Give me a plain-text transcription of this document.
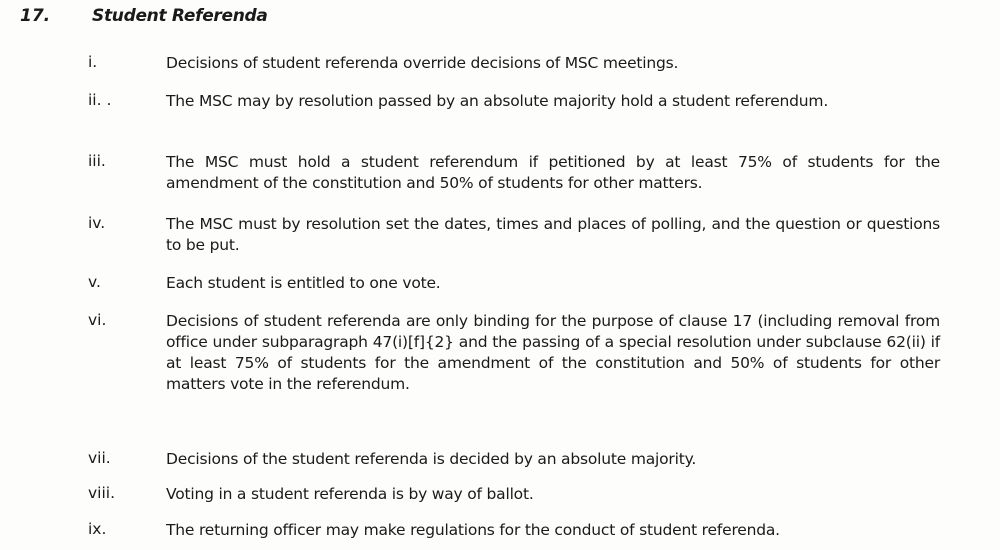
17. Student Referenda
i.	Decisions of student referenda override decisions of MSC meetings.
ii. .	The MSC may by resolution passed by an absolute majority hold a student referendum.
iii.	The MSC must hold a student referendum if petitioned by at least 75% of students for the amendment of the constitution and 50% of students for other matters.
iv.	The MSC must by resolution set the dates, times and places of polling, and the question or questions to be put.
v.	Each student is entitled to one vote.
vi.	Decisions of student referenda are only binding for the purpose of clause 17 (including removal from office under subparagraph 47(i)[f]{2} and the passing of a special resolution under subclause 62(ii) if at least 75% of students for the amendment of the constitution and 50% of students for other matters vote in the referendum.
vii.	Decisions of the student referenda is decided by an absolute majority.
viii.	Voting in a student referenda is by way of ballot.
ix.	The returning officer may make regulations for the conduct of student referenda.
